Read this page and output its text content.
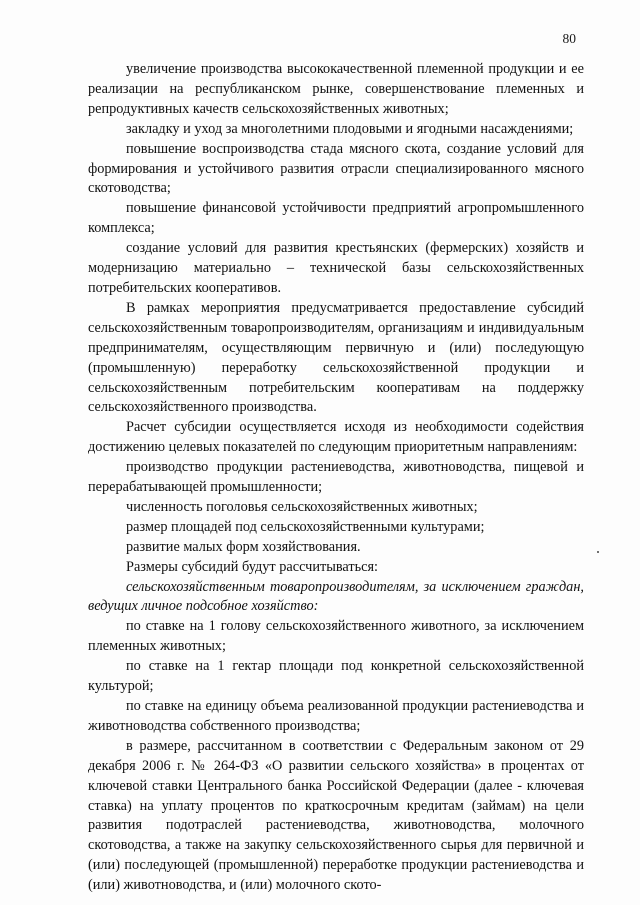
80

увеличение производства высококачественной племенной продукции и ее реализации на республиканском рынке, совершенствование племенных и репродуктивных качеств сельскохозяйственных животных;

закладку и уход за многолетними плодовыми и ягодными насаждениями;

повышение воспроизводства стада мясного скота, создание условий для формирования и устойчивого развития отрасли специализированного мясного скотоводства;

повышение финансовой устойчивости предприятий агропромышленного комплекса;

создание условий для развития крестьянских (фермерских) хозяйств и модернизацию материально – технической базы сельскохозяйственных потребительских кооперативов.

В рамках мероприятия предусматривается предоставление субсидий сельскохозяйственным товаропроизводителям, организациям и индивидуальным предпринимателям, осуществляющим первичную и (или) последующую (промышленную) переработку сельскохозяйственной продукции и сельскохозяйственным потребительским кооперативам на поддержку сельскохозяйственного производства.

Расчет субсидии осуществляется исходя из необходимости содействия достижению целевых показателей по следующим приоритетным направлениям:

производство продукции растениеводства, животноводства, пищевой и перерабатывающей промышленности;

численность поголовья сельскохозяйственных животных;

размер площадей под сельскохозяйственными культурами;

развитие малых форм хозяйствования.

Размеры субсидий будут рассчитываться:

сельскохозяйственным товаропроизводителям, за исключением граждан, ведущих личное подсобное хозяйство:

по ставке на 1 голову сельскохозяйственного животного, за исключением племенных животных;

по ставке на 1 гектар площади под конкретной сельскохозяйственной культурой;

по ставке на единицу объема реализованной продукции растениеводства и животноводства собственного производства;

в размере, рассчитанном в соответствии с Федеральным законом от 29 декабря 2006 г. № 264-ФЗ «О развитии сельского хозяйства» в процентах от ключевой ставки Центрального банка Российской Федерации (далее - ключевая ставка) на уплату процентов по краткосрочным кредитам (займам) на цели развития подотраслей растениеводства, животноводства, молочного скотоводства, а также на закупку сельскохозяйственного сырья для первичной и (или) последующей (промышленной) переработке продукции растениеводства и (или) животноводства, и (или) молочного ското-
